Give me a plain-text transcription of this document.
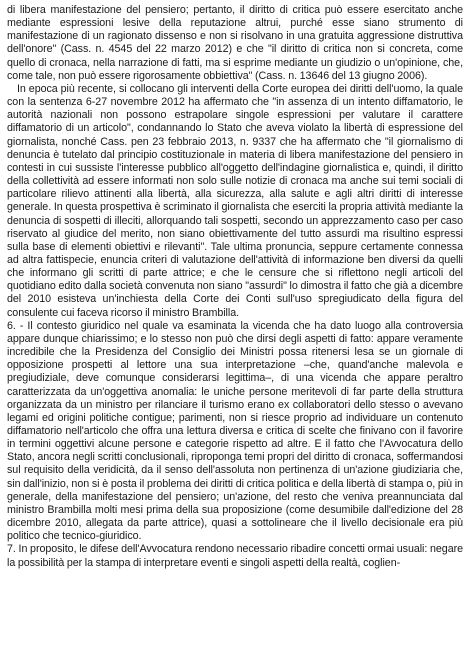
di libera manifestazione del pensiero; pertanto, il diritto di critica può essere esercitato anche mediante espressioni lesive della reputazione altrui, purché esse siano strumento di manifestazione di un ragionato dissenso e non si risolvano in una gratuita aggressione distruttiva dell'onore" (Cass. n. 4545 del 22 marzo 2012) e che "il diritto di critica non si concreta, come quello di cronaca, nella narrazione di fatti, ma si esprime mediante un giudizio o un'opinione, che, come tale, non può essere rigorosamente obbiettiva" (Cass. n. 13646 del 13 giugno 2006).

In epoca più recente, si collocano gli interventi della Corte europea dei diritti dell'uomo, la quale con la sentenza 6-27 novembre 2012 ha affermato che "in assenza di un intento diffamatorio, le autorità nazionali non possono estrapolare singole espressioni per valutare il carattere diffamatorio di un articolo", condannando lo Stato che aveva violato la libertà di espressione del giornalista, nonché Cass. pen 23 febbraio 2013, n. 9337 che ha affermato che "il giornalismo di denuncia è tutelato dal principio costituzionale in materia di libera manifestazione del pensiero in contesti in cui sussiste l'interesse pubblico all'oggetto dell'indagine giornalistica e, quindi, il diritto della collettività ad essere informati non solo sulle notizie di cronaca ma anche sui temi sociali di particolare rilievo attinenti alla libertà, alla sicurezza, alla salute e agli altri diritti di interesse generale. In questa prospettiva è scriminato il giornalista che eserciti la propria attività mediante la denuncia di sospetti di illeciti, allorquando tali sospetti, secondo un apprezzamento caso per caso riservato al giudice del merito, non siano obiettivamente del tutto assurdi ma risultino espressi sulla base di elementi obiettivi e rilevanti". Tale ultima pronuncia, seppure certamente connessa ad altra fattispecie, enuncia criteri di valutazione dell'attività di informazione ben diversi da quelli che informano gli scritti di parte attrice; e che le censure che si riflettono negli articoli del quotidiano edito dalla società convenuta non siano "assurdi" lo dimostra il fatto che già a dicembre del 2010 esisteva un'inchiesta della Corte dei Conti sull'uso spregiudicato della figura del consulente cui faceva ricorso il ministro Brambilla.

6. - Il contesto giuridico nel quale va esaminata la vicenda che ha dato luogo alla controversia appare dunque chiarissimo; e lo stesso non può che dirsi degli aspetti di fatto: appare veramente incredibile che la Presidenza del Consiglio dei Ministri possa ritenersi lesa se un giornale di opposizione prospetti al lettore una sua interpretazione –che, quand'anche malevola e pregiudiziale, deve comunque considerarsi legittima–, di una vicenda che appare peraltro caratterizzata da un'oggettiva anomalia: le uniche persone meritevoli di far parte della struttura organizzata da un ministro per rilanciare il turismo erano ex collaboratori dello stesso o avevano legami ed origini politiche contigue; parimenti, non si riesce proprio ad individuare un contenuto diffamatorio nell'articolo che offra una lettura diversa e critica di scelte che finivano con il favorire in termini oggettivi alcune persone e categorie rispetto ad altre. E il fatto che l'Avvocatura dello Stato, ancora negli scritti conclusionali, riproponga temi propri del diritto di cronaca, soffermandosi sul requisito della veridicità, da il senso dell'assoluta non pertinenza di un'azione giudiziaria che, sin dall'inizio, non si è posta il problema dei diritti di critica politica e della libertà di stampa o, più in generale, della manifestazione del pensiero; un'azione, del resto che veniva preannunciata dal ministro Brambilla molti mesi prima della sua proposizione (come desumibile dall'edizione del 28 dicembre 2010, allegata da parte attrice), quasi a sottolineare che il livello decisionale era più politico che tecnico-giuridico.

7. In proposito, le difese dell'Avvocatura rendono necessario ribadire concetti ormai usuali: negare la possibilità per la stampa di interpretare eventi e singoli aspetti della realtà, coglien-
